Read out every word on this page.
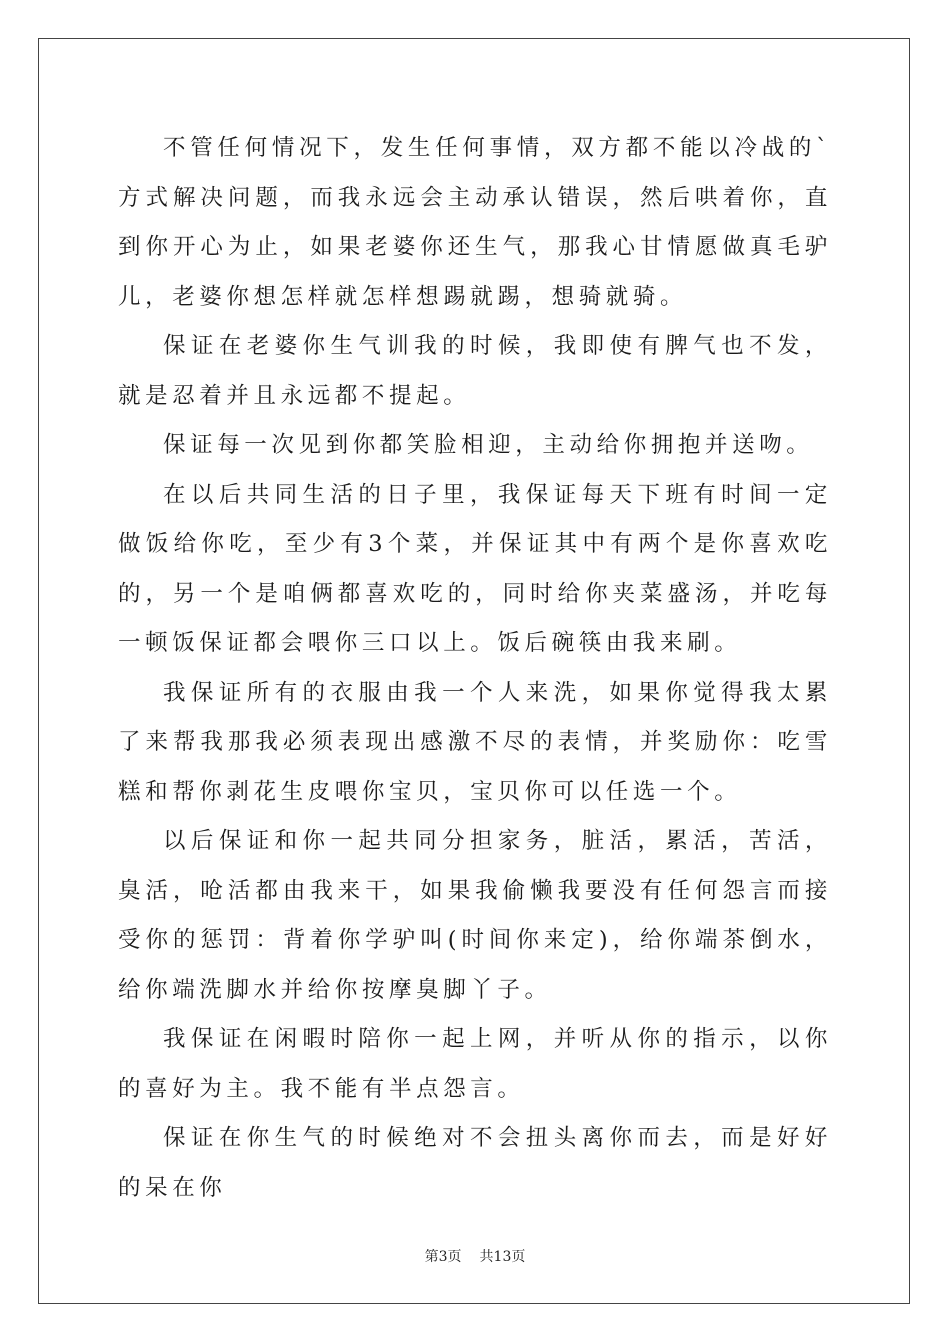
不管任何情况下，发生任何事情，双方都不能以冷战的`方式解决问题，而我永远会主动承认错误，然后哄着你，直到你开心为止，如果老婆你还生气，那我心甘情愿做真毛驴儿，老婆你想怎样就怎样想踢就踢，想骑就骑。

保证在老婆你生气训我的时候，我即使有脾气也不发，就是忍着并且永远都不提起。

保证每一次见到你都笑脸相迎，主动给你拥抱并送吻。

在以后共同生活的日子里，我保证每天下班有时间一定做饭给你吃，至少有3个菜，并保证其中有两个是你喜欢吃的，另一个是咱俩都喜欢吃的，同时给你夹菜盛汤，并吃每一顿饭保证都会喂你三口以上。饭后碗筷由我来刷。

我保证所有的衣服由我一个人来洗，如果你觉得我太累了来帮我那我必须表现出感激不尽的表情，并奖励你：吃雪糕和帮你剥花生皮喂你宝贝，宝贝你可以任选一个。

以后保证和你一起共同分担家务，脏活，累活，苦活，臭活，呛活都由我来干，如果我偷懒我要没有任何怨言而接受你的惩罚：背着你学驴叫(时间你来定)，给你端茶倒水，给你端洗脚水并给你按摩臭脚丫子。

我保证在闲暇时陪你一起上网，并听从你的指示，以你的喜好为主。我不能有半点怨言。

保证在你生气的时候绝对不会扭头离你而去，而是好好的呆在你

第3页 共13页
